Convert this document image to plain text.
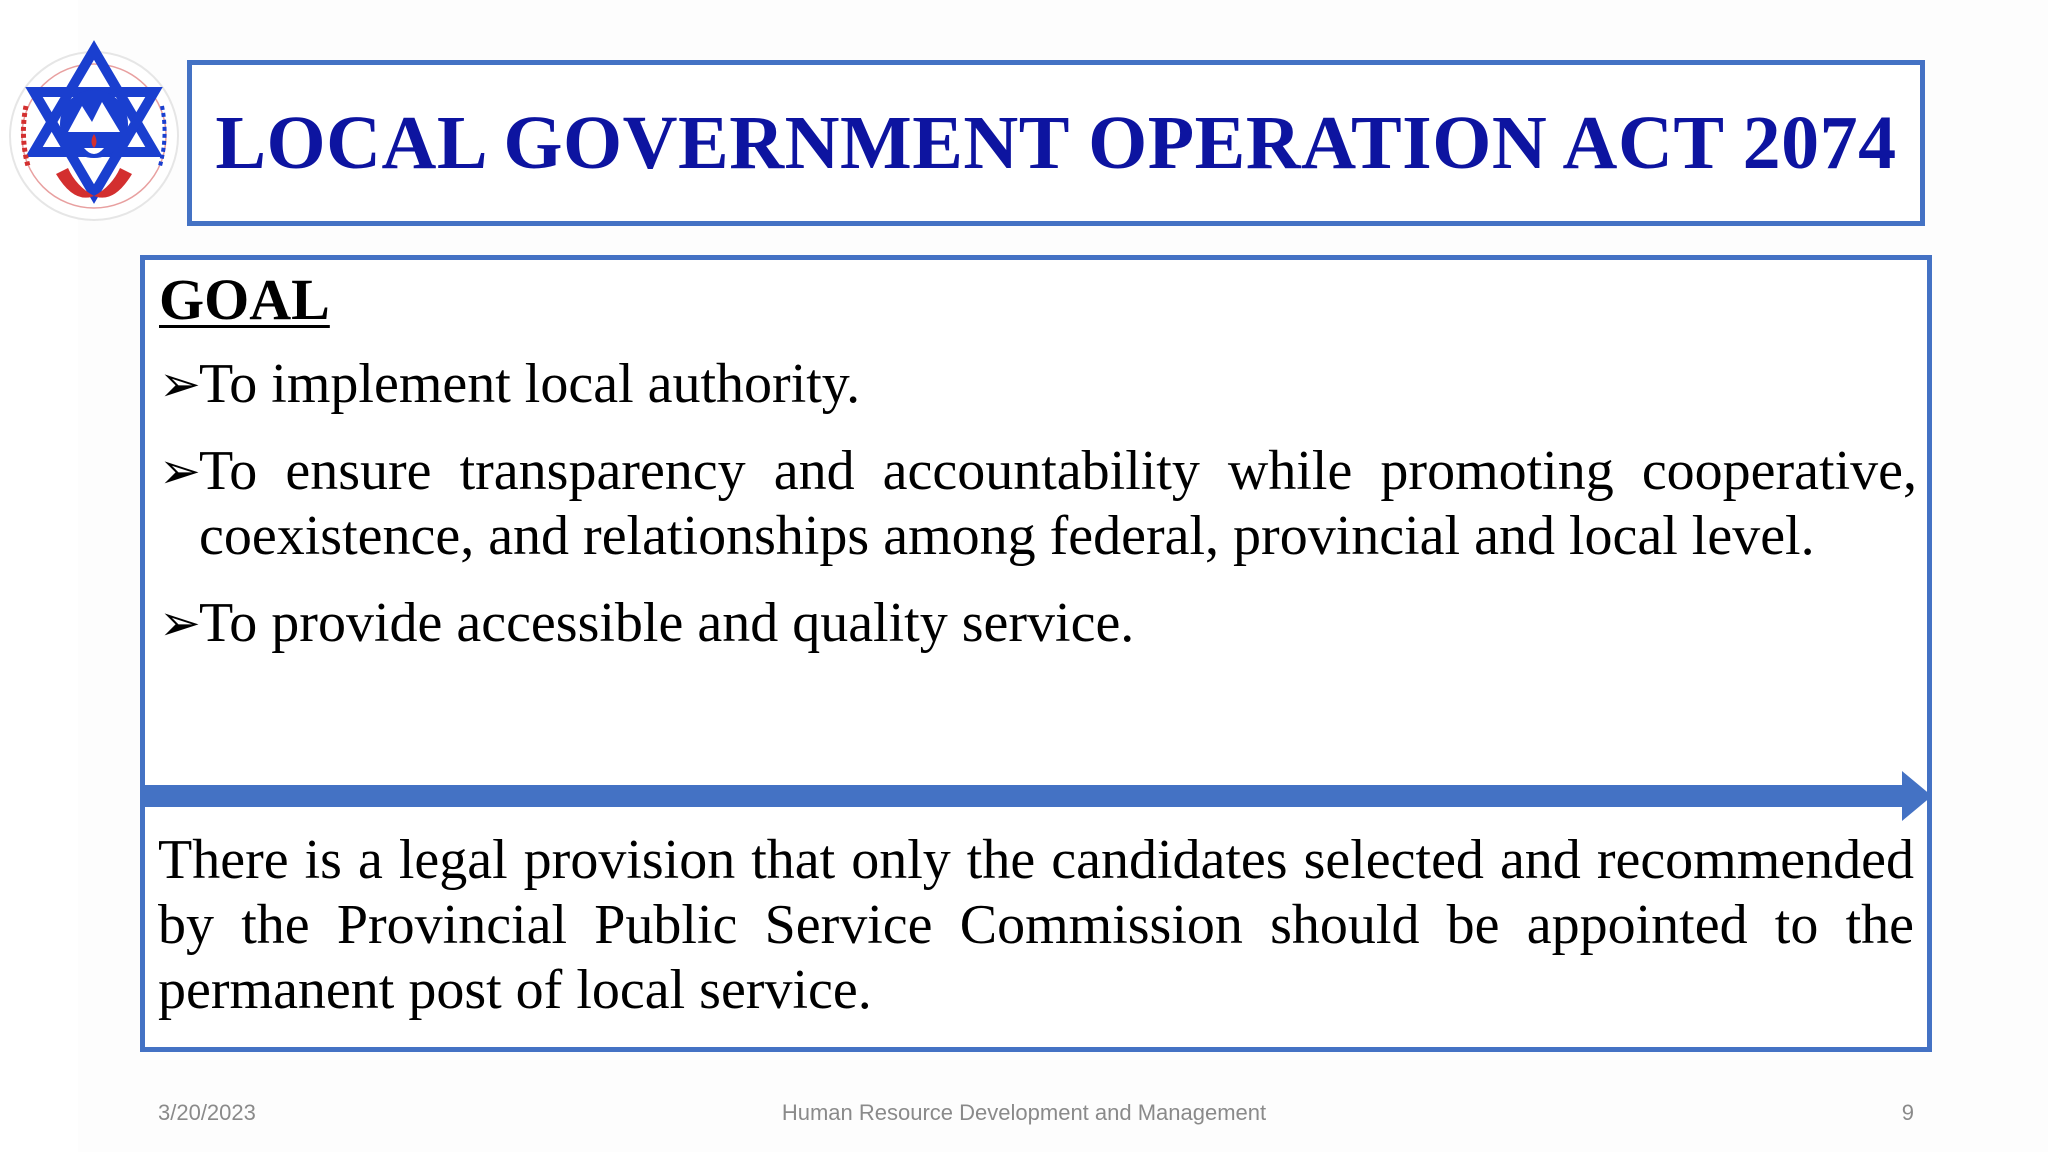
LOCAL GOVERNMENT OPERATION ACT 2074
GOAL
➢
To implement local authority.
➢
To ensure transparency and accountability while promoting cooperative, coexistence, and relationships among federal, provincial and local level.
➢
To provide accessible and quality service.

There is a legal provision that only the candidates selected and recommended by the Provincial Public Service Commission should be appointed to the permanent post of local service.

3/20/2023	Human Resource Development and Management	9
